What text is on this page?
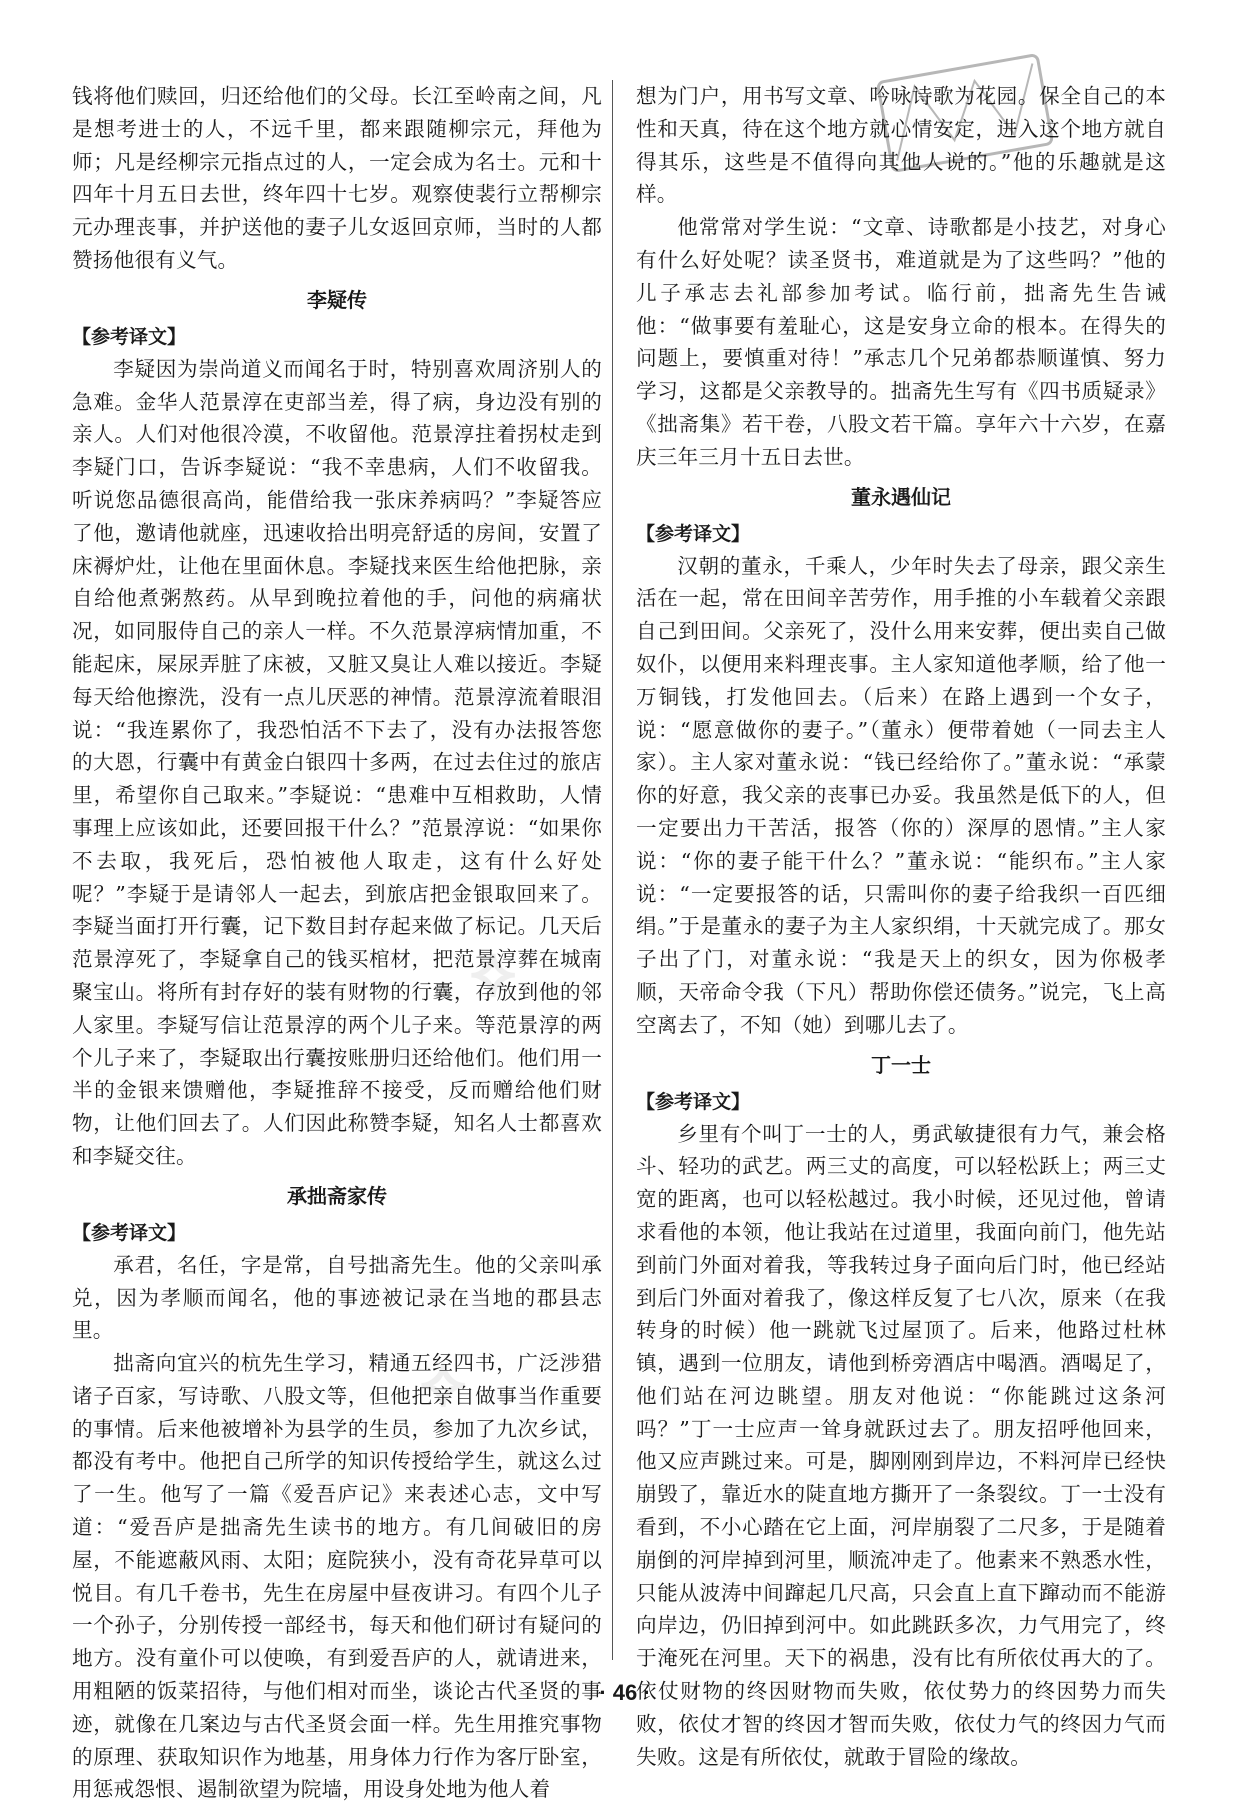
钱将他们赎回，归还给他们的父母。长江至岭南之间，凡是想考进士的人，不远千里，都来跟随柳宗元，拜他为师；凡是经柳宗元指点过的人，一定会成为名士。元和十四年十月五日去世，终年四十七岁。观察使裴行立帮柳宗元办理丧事，并护送他的妻子儿女返回京师，当时的人都赞扬他很有义气。

李疑传
【参考译文】

李疑因为崇尚道义而闻名于时，特别喜欢周济别人的急难。金华人范景淳在吏部当差，得了病，身边没有别的亲人。人们对他很冷漠，不收留他。范景淳拄着拐杖走到李疑门口，告诉李疑说：“我不幸患病，人们不收留我。听说您品德很高尚，能借给我一张床养病吗？”李疑答应了他，邀请他就座，迅速收拾出明亮舒适的房间，安置了床褥炉灶，让他在里面休息。李疑找来医生给他把脉，亲自给他煮粥熬药。从早到晚拉着他的手，问他的病痛状况，如同服侍自己的亲人一样。不久范景淳病情加重，不能起床，屎尿弄脏了床被，又脏又臭让人难以接近。李疑每天给他擦洗，没有一点儿厌恶的神情。范景淳流着眼泪说：“我连累你了，我恐怕活不下去了，没有办法报答您的大恩，行囊中有黄金白银四十多两，在过去住过的旅店里，希望你自己取来。”李疑说：“患难中互相救助，人情事理上应该如此，还要回报干什么？”范景淳说：“如果你不去取，我死后，恐怕被他人取走，这有什么好处呢？”李疑于是请邻人一起去，到旅店把金银取回来了。李疑当面打开行囊，记下数目封存起来做了标记。几天后范景淳死了，李疑拿自己的钱买棺材，把范景淳葬在城南聚宝山。将所有封存好的装有财物的行囊，存放到他的邻人家里。李疑写信让范景淳的两个儿子来。等范景淳的两个儿子来了，李疑取出行囊按账册归还给他们。他们用一半的金银来馈赠他，李疑推辞不接受，反而赠给他们财物，让他们回去了。人们因此称赞李疑，知名人士都喜欢和李疑交往。

承拙斋家传
【参考译文】

承君，名任，字是常，自号拙斋先生。他的父亲叫承兑，因为孝顺而闻名，他的事迹被记录在当地的郡县志里。

拙斋向宜兴的杭先生学习，精通五经四书，广泛涉猎诸子百家，写诗歌、八股文等，但他把亲自做事当作重要的事情。后来他被增补为县学的生员，参加了九次乡试，都没有考中。他把自己所学的知识传授给学生，就这么过了一生。他写了一篇《爱吾庐记》来表述心志，文中写道：“爱吾庐是拙斋先生读书的地方。有几间破旧的房屋，不能遮蔽风雨、太阳；庭院狭小，没有奇花异草可以悦目。有几千卷书，先生在房屋中昼夜讲习。有四个儿子一个孙子，分别传授一部经书，每天和他们研讨有疑问的地方。没有童仆可以使唤，有到爱吾庐的人，就请进来，用粗陋的饭菜招待，与他们相对而坐，谈论古代圣贤的事迹，就像在几案边与古代圣贤会面一样。先生用推究事物的原理、获取知识作为地基，用身体力行作为客厅卧室，用惩戒怨恨、遏制欲望为院墙，用设身处地为他人着

想为门户，用书写文章、吟咏诗歌为花园。保全自己的本性和天真，待在这个地方就心情安定，进入这个地方就自得其乐，这些是不值得向其他人说的。”他的乐趣就是这样。

他常常对学生说：“文章、诗歌都是小技艺，对身心有什么好处呢？读圣贤书，难道就是为了这些吗？”他的儿子承志去礼部参加考试。临行前，拙斋先生告诫他：“做事要有羞耻心，这是安身立命的根本。在得失的问题上，要慎重对待！”承志几个兄弟都恭顺谨慎、努力学习，这都是父亲教导的。拙斋先生写有《四书质疑录》《拙斋集》若干卷，八股文若干篇。享年六十六岁，在嘉庆三年三月十五日去世。

董永遇仙记
【参考译文】

汉朝的董永，千乘人，少年时失去了母亲，跟父亲生活在一起，常在田间辛苦劳作，用手推的小车载着父亲跟自己到田间。父亲死了，没什么用来安葬，便出卖自己做奴仆，以便用来料理丧事。主人家知道他孝顺，给了他一万铜钱，打发他回去。（后来）在路上遇到一个女子，说：“愿意做你的妻子。”（董永）便带着她（一同去主人家）。主人家对董永说：“钱已经给你了。”董永说：“承蒙你的好意，我父亲的丧事已办妥。我虽然是低下的人，但一定要出力干苦活，报答（你的）深厚的恩情。”主人家说：“你的妻子能干什么？”董永说：“能织布。”主人家说：“一定要报答的话，只需叫你的妻子给我织一百匹细绢。”于是董永的妻子为主人家织绢，十天就完成了。那女子出了门，对董永说：“我是天上的织女，因为你极孝顺，天帝命令我（下凡）帮助你偿还债务。”说完，飞上高空离去了，不知（她）到哪儿去了。

丁一士
【参考译文】

乡里有个叫丁一士的人，勇武敏捷很有力气，兼会格斗、轻功的武艺。两三丈的高度，可以轻松跃上；两三丈宽的距离，也可以轻松越过。我小时候，还见过他，曾请求看他的本领，他让我站在过道里，我面向前门，他先站到前门外面对着我，等我转过身子面向后门时，他已经站到后门外面对着我了，像这样反复了七八次，原来（在我转身的时候）他一跳就飞过屋顶了。后来，他路过杜林镇，遇到一位朋友，请他到桥旁酒店中喝酒。酒喝足了，他们站在河边眺望。朋友对他说：“你能跳过这条河吗？”丁一士应声一耸身就跃过去了。朋友招呼他回来，他又应声跳过来。可是，脚刚刚到岸边，不料河岸已经快崩毁了，靠近水的陡直地方撕开了一条裂纹。丁一士没有看到，不小心踏在它上面，河岸崩裂了二尺多，于是随着崩倒的河岸掉到河里，顺流冲走了。他素来不熟悉水性，只能从波涛中间蹿起几尺高，只会直上直下蹿动而不能游向岸边，仍旧掉到河中。如此跳跃多次，力气用完了，终于淹死在河里。天下的祸患，没有比有所依仗再大的了。依仗财物的终因财物而失败，依仗势力的终因势力而失败，依仗才智的终因才智而失败，依仗力气的终因力气而失败。这是有所依仗，就敢于冒险的缘故。

⟡
⟡
· 46 ·
